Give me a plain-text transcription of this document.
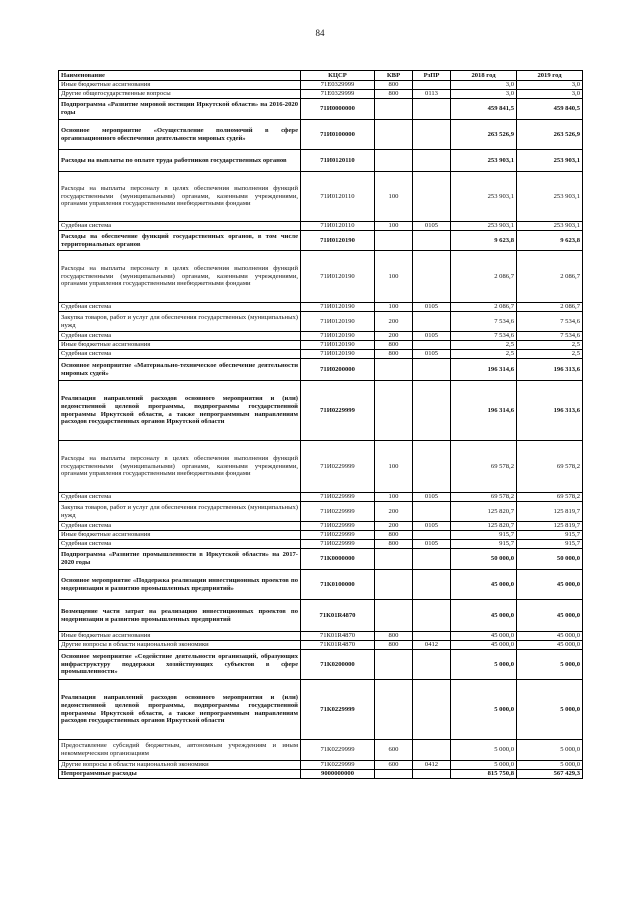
84
Наименование	КЦСР	КВР	РзПР	2018 год	2019 год
Иные бюджетные ассигнования	71Е0329999	800		3,0	3,0
Другие общегосударственные вопросы	71Е0329999	800	0113	3,0	3,0
Подпрограмма «Развитие мировой юстиции Иркутской области» на 2016-2020 годы	71И0000000			459 841,5	459 840,5
Основное мероприятие «Осуществление полномочий в сфере организационного обеспечения деятельности мировых судей»	71И0100000			263 526,9	263 526,9
Расходы на выплаты по оплате труда работников государственных органов	71И0120110			253 903,1	253 903,1
Расходы на выплаты персоналу в целях обеспечения выполнения функций государственными (муниципальными) органами, казенными учреждениями, органами управления государственными внебюджетными фондами	71И0120110	100		253 903,1	253 903,1
Судебная система	71И0120110	100	0105	253 903,1	253 903,1
Расходы на обеспечение функций государственных органов, в том числе территориальных органов	71И0120190			9 623,8	9 623,8
Расходы на выплаты персоналу в целях обеспечения выполнения функций государственными (муниципальными) органами, казенными учреждениями, органами управления государственными внебюджетными фондами	71И0120190	100		2 086,7	2 086,7
Судебная система	71И0120190	100	0105	2 086,7	2 086,7
Закупка товаров, работ и услуг для обеспечения государственных (муниципальных) нужд	71И0120190	200		7 534,6	7 534,6
Судебная система	71И0120190	200	0105	7 534,6	7 534,6
Иные бюджетные ассигнования	71И0120190	800		2,5	2,5
Судебная система	71И0120190	800	0105	2,5	2,5
Основное мероприятие «Материально-техническое обеспечение деятельности мировых судей»	71И0200000			196 314,6	196 313,6
Реализация направлений расходов основного мероприятия и (или) ведомственной целевой программы, подпрограммы государственной программы Иркутской области, а также непрограммным направлениям расходов государственных органов Иркутской области	71И0229999			196 314,6	196 313,6
Расходы на выплаты персоналу в целях обеспечения выполнения функций государственными (муниципальными) органами, казенными учреждениями, органами управления государственными внебюджетными фондами	71И0229999	100		69 578,2	69 578,2
Судебная система	71И0229999	100	0105	69 578,2	69 578,2
Закупка товаров, работ и услуг для обеспечения государственных (муниципальных) нужд	71И0229999	200		125 820,7	125 819,7
Судебная система	71И0229999	200	0105	125 820,7	125 819,7
Иные бюджетные ассигнования	71И0229999	800		915,7	915,7
Судебная система	71И0229999	800	0105	915,7	915,7
Подпрограмма «Развитие промышленности в Иркутской области» на 2017-2020 годы	71К0000000			50 000,0	50 000,0
Основное мероприятие «Поддержка реализации инвестиционных проектов по модернизации и развитию промышленных предприятий»	71К0100000			45 000,0	45 000,0
Возмещение части затрат на реализацию инвестиционных проектов по модернизации и развитию промышленных предприятий	71К01R4870			45 000,0	45 000,0
Иные бюджетные ассигнования	71К01R4870	800		45 000,0	45 000,0
Другие вопросы в области национальной экономики	71К01R4870	800	0412	45 000,0	45 000,0
Основное мероприятие «Содействие деятельности организаций, образующих инфраструктуру поддержки хозяйствующих субъектов в сфере промышленности»	71К0200000			5 000,0	5 000,0
Реализация направлений расходов основного мероприятия и (или) ведомственной целевой программы, подпрограммы государственной программы Иркутской области, а также непрограммным направлениям расходов государственных органов Иркутской области	71К0229999			5 000,0	5 000,0
Предоставление субсидий бюджетным, автономным учреждениям и иным некоммерческим организациям	71К0229999	600		5 000,0	5 000,0
Другие вопросы в области национальной экономики	71К0229999	600	0412	5 000,0	5 000,0
Непрограммные расходы	9000000000			815 750,8	567 429,3
